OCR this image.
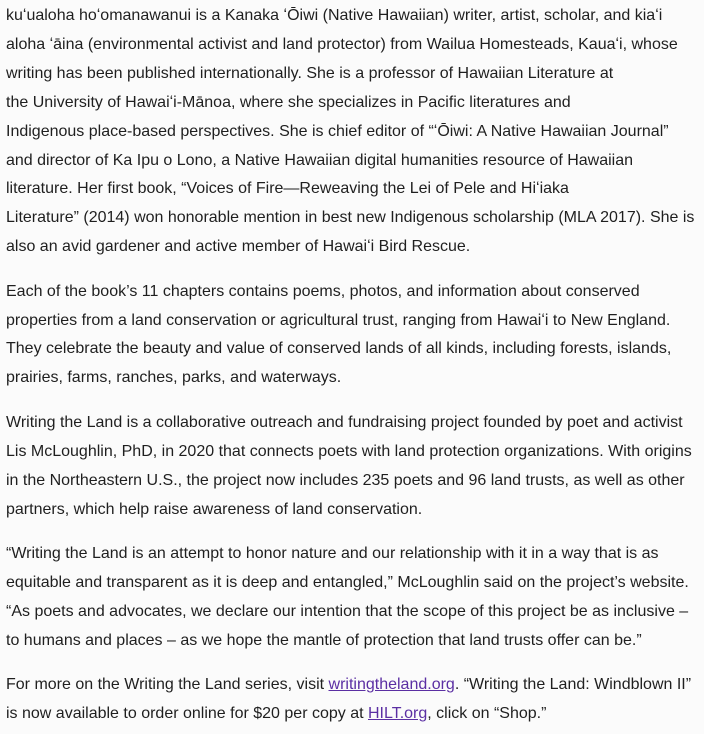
kuʻualoha hoʻomanawanui is a Kanaka ʻŌiwi (Native Hawaiian) writer, artist, scholar, and kiaʻi
aloha ʻāina (environmental activist and land protector) from Wailua Homesteads, Kauaʻi, whose
writing has been published internationally. She is a professor of Hawaiian Literature at
the University of Hawaiʻi-Mānoa, where she specializes in Pacific literatures and
Indigenous place-based perspectives. She is chief editor of “ʻŌiwi: A Native Hawaiian Journal”
and director of Ka Ipu o Lono, a Native Hawaiian digital humanities resource of Hawaiian
literature. Her first book, “Voices of Fire—Reweaving the Lei of Pele and Hiʻiaka
Literature” (2014) won honorable mention in best new Indigenous scholarship (MLA 2017). She is
also an avid gardener and active member of Hawaiʻi Bird Rescue.

Each of the book’s 11 chapters contains poems, photos, and information about conserved
properties from a land conservation or agricultural trust, ranging from Hawaiʻi to New England.
They celebrate the beauty and value of conserved lands of all kinds, including forests, islands,
prairies, farms, ranches, parks, and waterways.

Writing the Land is a collaborative outreach and fundraising project founded by poet and activist
Lis McLoughlin, PhD, in 2020 that connects poets with land protection organizations. With origins
in the Northeastern U.S., the project now includes 235 poets and 96 land trusts, as well as other
partners, which help raise awareness of land conservation.

“Writing the Land is an attempt to honor nature and our relationship with it in a way that is as
equitable and transparent as it is deep and entangled,” McLoughlin said on the project’s website.
“As poets and advocates, we declare our intention that the scope of this project be as inclusive –
to humans and places – as we hope the mantle of protection that land trusts offer can be.”

For more on the Writing the Land series, visit writingtheland.org. “Writing the Land: Windblown II”
is now available to order online for $20 per copy at HILT.org, click on “Shop.”
